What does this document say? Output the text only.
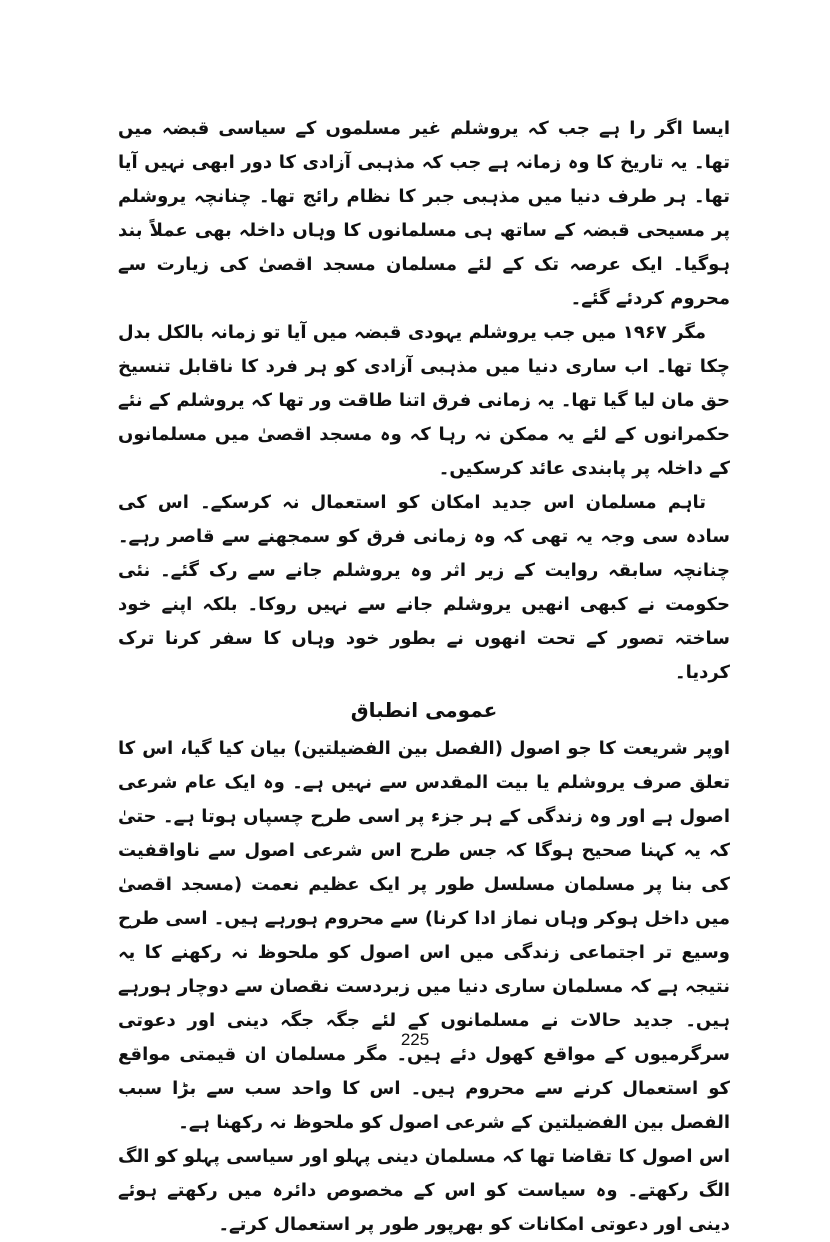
ایسا اگر را ہے جب کہ یروشلم غیر مسلموں کے سیاسی قبضہ میں تھا۔ یہ تاریخ کا وہ زمانہ ہے جب کہ مذہبی آزادی کا دور ابھی نہیں آیا تھا۔ ہر طرف دنیا میں مذہبی جبر کا نظام رائج تھا۔ چنانچہ یروشلم پر مسیحی قبضہ کے ساتھ ہی مسلمانوں کا وہاں داخلہ بھی عملاً بند ہوگیا۔ ایک عرصہ تک کے لئے مسلمان مسجد اقصیٰ کی زیارت سے محروم کردئے گئے۔

مگر ۱۹۶۷ میں جب یروشلم یہودی قبضہ میں آیا تو زمانہ بالکل بدل چکا تھا۔ اب ساری دنیا میں مذہبی آزادی کو ہر فرد کا ناقابل تنسیخ حق مان لیا گیا تھا۔ یہ زمانی فرق اتنا طاقت ور تھا کہ یروشلم کے نئے حکمرانوں کے لئے یہ ممکن نہ رہا کہ وہ مسجد اقصیٰ میں مسلمانوں کے داخلہ پر پابندی عائد کرسکیں۔

تاہم مسلمان اس جدید امکان کو استعمال نہ کرسکے۔ اس کی سادہ سی وجہ یہ تھی کہ وہ زمانی فرق کو سمجھنے سے قاصر رہے۔ چنانچہ سابقہ روایت کے زیر اثر وہ یروشلم جانے سے رک گئے۔ نئی حکومت نے کبھی انھیں یروشلم جانے سے نہیں روکا۔ بلکہ اپنے خود ساختہ تصور کے تحت انھوں نے بطور خود وہاں کا سفر کرنا ترک کردیا۔

عمومی انطباق

اوپر شریعت کا جو اصول (الفصل بین الفضیلتین) بیان کیا گیا، اس کا تعلق صرف یروشلم یا بیت المقدس سے نہیں ہے۔ وہ ایک عام شرعی اصول ہے اور وہ زندگی کے ہر جزء پر اسی طرح چسپاں ہوتا ہے۔ حتیٰ کہ یہ کہنا صحیح ہوگا کہ جس طرح اس شرعی اصول سے ناواقفیت کی بنا پر مسلمان مسلسل طور پر ایک عظیم نعمت (مسجد اقصیٰ میں داخل ہوکر وہاں نماز ادا کرنا) سے محروم ہورہے ہیں۔ اسی طرح وسیع تر اجتماعی زندگی میں اس اصول کو ملحوظ نہ رکھنے کا یہ نتیجہ ہے کہ مسلمان ساری دنیا میں زبردست نقصان سے دوچار ہورہے ہیں۔ جدید حالات نے مسلمانوں کے لئے جگہ جگہ دینی اور دعوتی سرگرمیوں کے مواقع کھول دئے ہیں۔ مگر مسلمان ان قیمتی مواقع کو استعمال کرنے سے محروم ہیں۔ اس کا واحد سب سے بڑا سبب الفصل بین الفضیلتین کے شرعی اصول کو ملحوظ نہ رکھنا ہے۔

اس اصول کا تقاضا تھا کہ مسلمان دینی پہلو اور سیاسی پہلو کو الگ الگ رکھتے۔ وہ سیاست کو اس کے مخصوص دائرہ میں رکھتے ہوئے دینی اور دعوتی امکانات کو بھرپور طور پر استعمال کرتے۔

225
